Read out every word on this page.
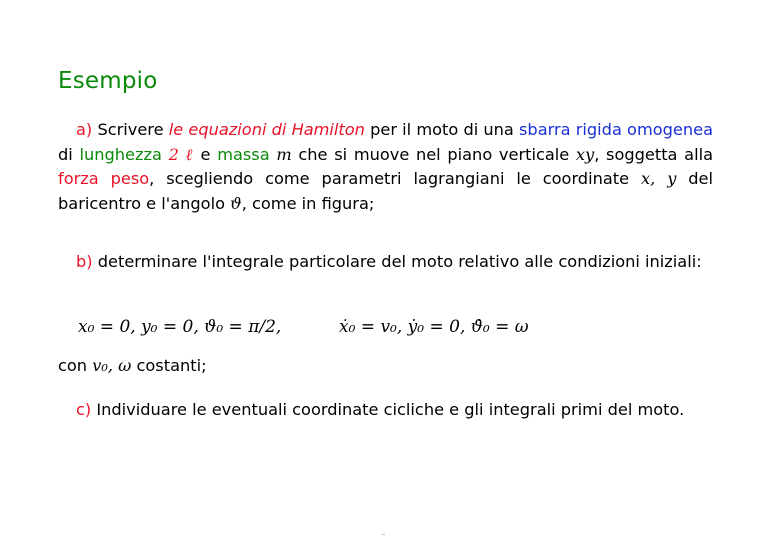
Esempio
a) Scrivere le equazioni di Hamilton per il moto di una sbarra rigida omogenea di lunghezza 2 ℓ e massa m che si muove nel piano verticale xy, soggetta alla forza peso, scegliendo come parametri lagrangiani le coordinate x, y del baricentro e l'angolo ϑ, come in figura;
b) determinare l'integrale particolare del moto relativo alle condizioni iniziali:
x₀ = 0, y₀ = 0, ϑ₀ = π/2,	ẋ₀ = v₀, ẏ₀ = 0, ϑ̇₀ = ω
con v₀, ω costanti;
c) Individuare le eventuali coordinate cicliche e gli integrali primi del moto.
